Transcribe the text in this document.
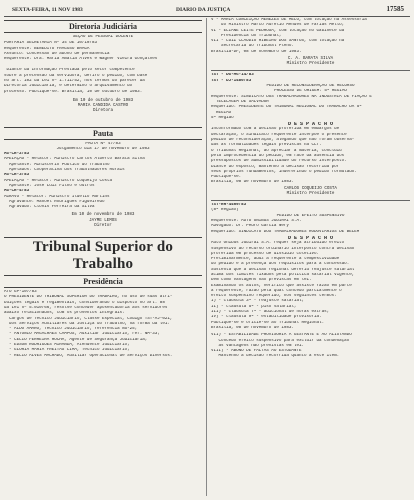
SEXTA-FEIRA, 11 NOV 1983	DIARIO DA JUSTIÇA	17585
Diretoria Judiciária
SEÇÃO DE PESSOAL DOCENTE
PORTARIA SECRETARIA Nº 34 DE 10/10/83
Requerente: BENEDITO FRAGOSO BRAGA
Assunto: Concessão de abono de permanência
Requerente: Dra. Maria Amália Alves e Wagner Vieira Gonçalves
"Diante da Informação Prestada pelo setor competente
sobre a pretensão da servidora, defiro o pedido, com base
no art. 102 da Lei nº 1.711/52, nos termos do parecer da
Diretoria Judiciária, e determino o arquivamento do
processo. Publique-se. Brasília, 10 de outubro de 1983."
Em 10 de outubro de 1983
MARIA CANDIDA CASTRO
Diretora
Pauta
PAUTA Nº 47/83
Julgamento dia 17 de novembro de 1983
AG-CR-2/83
APELAÇÃO - Relator: Ministro Carlos Alberto Barata Silva
Apelante: Ministério Público do Trabalho
Apelados: Cooperativa dos Trabalhadores Rurais
AG-CR-3/83
APELAÇÃO - Relator: Ministro Coqueijo Costa
Apelante: José Luiz Filho e outros
AG-CR-4/83
AGRAVO - Relator: Ministro Ildélio Martins
Agravante: Manoel Rodrigues Figueiredo
Agravado: Clóvis Ferreira da Silva
Em 10 de novembro de 1983
JAYME LEMOS
Diretor
Tribunal Superior do Trabalho
Presidência
ATO GP-107/83
O PRESIDENTE DO TRIBUNAL SUPERIOR DO TRABALHO, no uso de suas atri-
buições legais e regimentais, considerando o disposto no art. 88
da Lei nº 5.010/66, resolve conceder aposentadoria aos servidores
abaixo relacionados, com os proventos integrais:
Cargos de Técnico Judiciário, Classe Especial, Código TST-AJ-021,
dos Serviços Auxiliares da Justiça do Trabalho, na forma da lei:
- ALDO AMARO, Técnico Judiciário, referência NS-25;
- ANTÔNIO MAGALHÃES CAMPOS, Auxiliar Judiciário, ref. NM-33;
- CÉLIO FERREIRA ROCHA, Agente de Segurança Judiciária;
- EDSON RODRIGUES MIRANDA, Atendente Judiciário;
- GLÓRIA MARIA FREITAS LIMA, Técnico Judiciário;
- HÉLIO ALVES MACHADO, Auxiliar Operacional de Serviços Diversos.
V - MARIA CONCEIÇÃO MENEZES DE MELO, com lotação na Assessoria
do Ministro Marco Aurélio Mendes de Farias Mello;
VI - ELIANE LEITE PEDROSA, com lotação no Gabinete da
Presidência do Tribunal;
VII - LUIZ CLÁUDIO RIBEIRO DOS SANTOS, com lotação na
Secretaria do Tribunal Pleno.
Brasília-DF, 08 de novembro de 1983.
C. A. BARATA SILVA
Ministro Presidente
TST - DG-MG-14/83
TST - DJ-1480/83
PEDIDO DE RECONSIDERAÇÃO DE RECURSO
PROCESSO DE ORIGEM: 5ª REGIÃO
Requerente: SINDICATO DOS TRABALHADORES NA INDÚSTRIA DE FIAÇÃO E
TECELAGEM DE SALVADOR
Requerido: PRESIDENTE DO TRIBUNAL REGIONAL DO TRABALHO DA 5ª
REGIÃO
5ª Região
D E S P A C H O
Inconformado com a decisão proferida em embargos de
declaração, o Sindicato requerente interpõe o presente
pedido de reconsideração, alegando que não foram observa-
das as formalidades legais previstas na CLT.
O Tribunal Regional, ao apreciar a matéria, concluiu
pela improcedência do pedido, em face da ausência dos
pressupostos de admissibilidade do recurso interposto.
Diante do exposto, mantenho a decisão recorrida por
seus próprios fundamentos, indeferindo o pedido formulado.
Publique-se.
Brasília, 08 de novembro de 1983.
CARLOS COQUEIJO COSTA
Ministro Presidente
TST-RR-4469/83
(8ª Região)
PEDIDO DE EFEITO SUSPENSIVO
Requerente: AUTO ÔNIBUS JUDIRAI S.A.
Advogado: Dr. Pedro Garcia Nery
Requerido: SINDICATO DOS TRABALHADORES RODOVIÁRIOS DE BELÉM
D E S P A C H O
Auto Ônibus Judirai S.A. requer seja atribuído efeito
suspensivo ao recurso ordinário interposto contra decisão
proferida em processo de dissídio coletivo.
Preliminarmente, aduz a requerente a tempestividade
do pedido e a presença dos requisitos para a concessão.
Sustenta que a decisão regional deferiu reajuste salarial
acima dos limites fixados pela política salarial vigente,
bem como vantagens não previstas em lei.
Examinando os autos, verifico que assiste razão em parte
à requerente, razão pela qual concedo parcialmente o
efeito suspensivo requerido, nos seguintes termos:
I) - cláusula 3ª - reajuste salarial;
II) - cláusula 5ª - piso salarial;
III) - cláusula 7ª - adicional de horas extras;
IV) - cláusula 9ª - estabilidade provisória.
Publique-se e oficie-se ao Tribunal Regional.
Brasília, 08 de novembro de 1983.
VII) - ESTABILIDADE PROVISÓRIA À GESTANTE E AO ALISTANDO
Concedo efeito suspensivo para excluir da condenação
as vantagens não previstas em lei.
VIII) - ABONO DE FALTAS AO ESTUDANTE
Mantenho a decisão recorrida quanto a este item.
